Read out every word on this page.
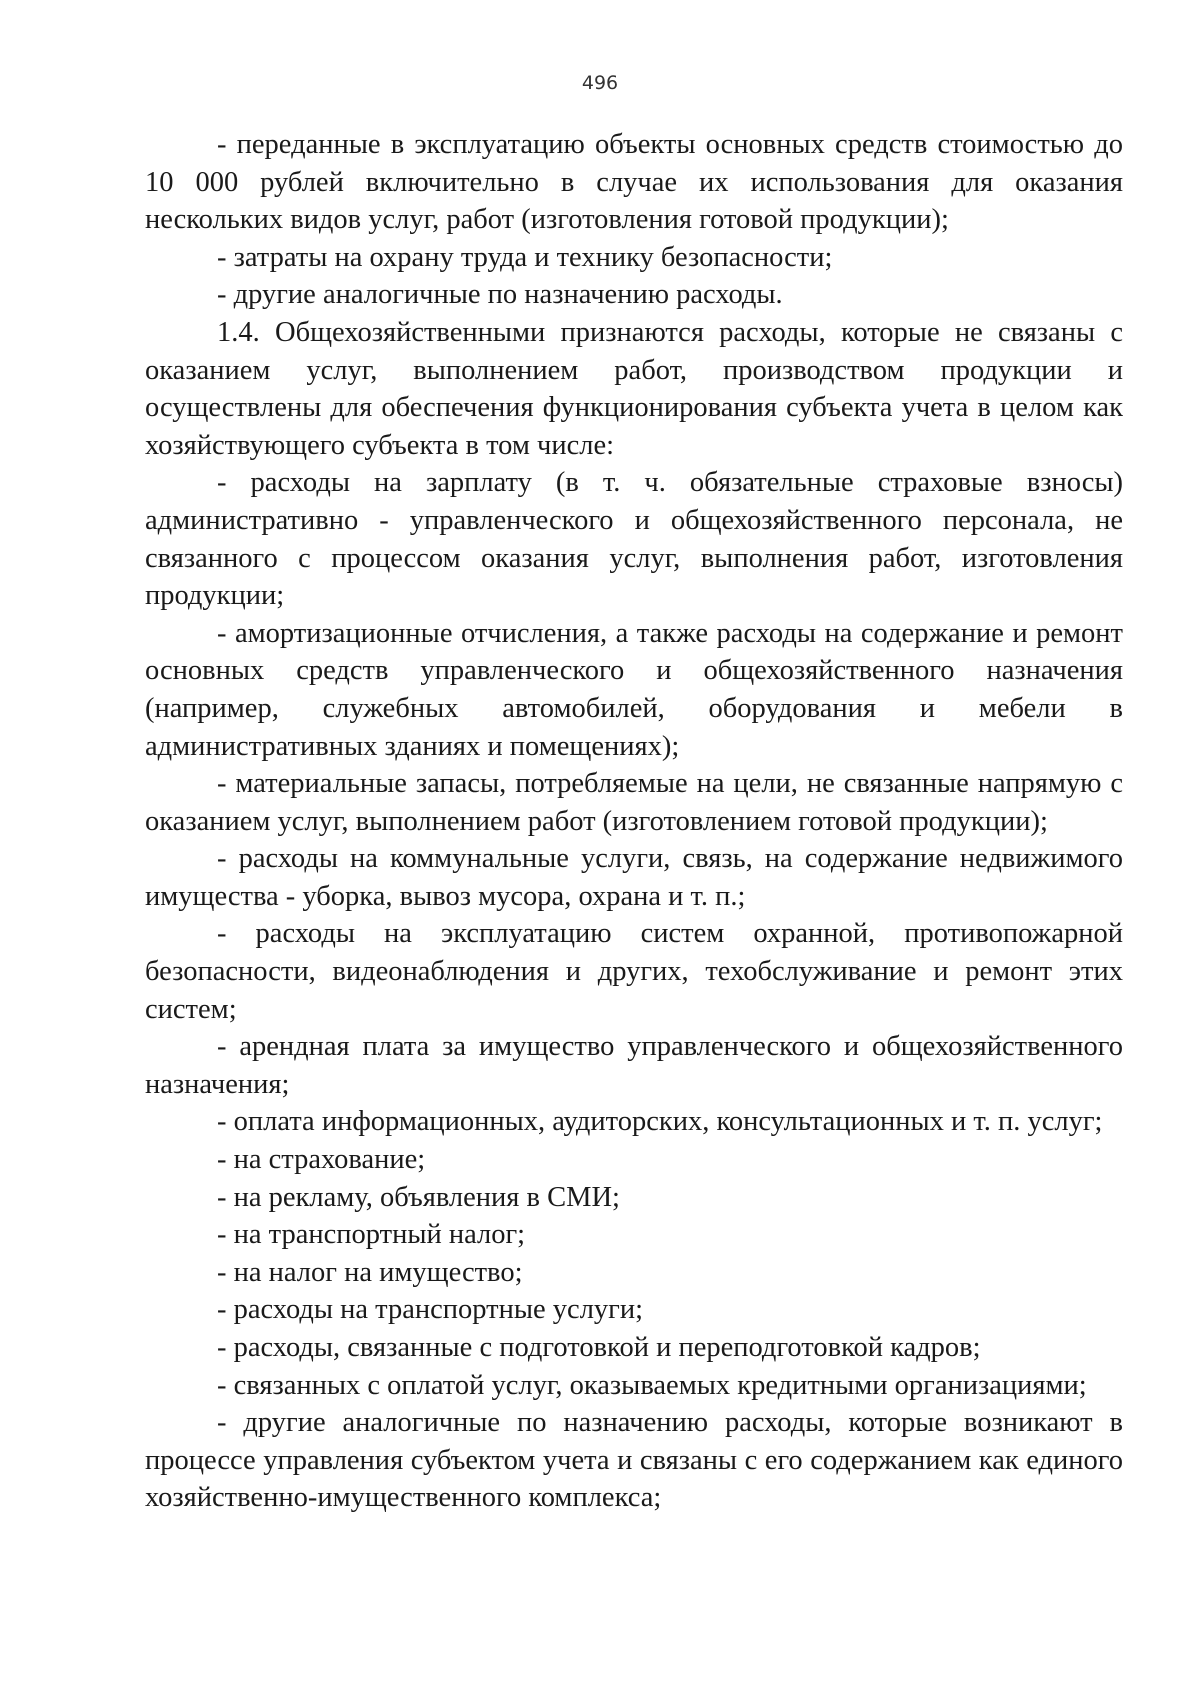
496

- переданные в эксплуатацию объекты основных средств стоимостью до 10 000 рублей включительно в случае их использования для оказания нескольких видов услуг, работ (изготовления готовой продукции);

- затраты на охрану труда и технику безопасности;

- другие аналогичные по назначению расходы.

1.4. Общехозяйственными признаются расходы, которые не связаны с оказанием услуг, выполнением работ, производством продукции и осуществлены для обеспечения функционирования субъекта учета в целом как хозяйствующего субъекта в том числе:

- расходы на зарплату (в т. ч. обязательные страховые взносы) административно - управленческого и общехозяйственного персонала, не связанного с процессом оказания услуг, выполнения работ, изготовления продукции;

- амортизационные отчисления, а также расходы на содержание и ремонт основных средств управленческого и общехозяйственного назначения (например, служебных автомобилей, оборудования и мебели в административных зданиях и помещениях);

- материальные запасы, потребляемые на цели, не связанные напрямую с оказанием услуг, выполнением работ (изготовлением готовой продукции);

- расходы на коммунальные услуги, связь, на содержание недвижимого имущества - уборка, вывоз мусора, охрана и т. п.;

- расходы на эксплуатацию систем охранной, противопожарной безопасности, видеонаблюдения и других, техобслуживание и ремонт этих систем;

- арендная плата за имущество управленческого и общехозяйственного назначения;

- оплата информационных, аудиторских, консультационных и т. п. услуг;

- на страхование;

- на рекламу, объявления в СМИ;

- на транспортный налог;

- на налог на имущество;

- расходы на транспортные услуги;

- расходы, связанные с подготовкой и переподготовкой кадров;

- связанных с оплатой услуг, оказываемых кредитными организациями;

- другие аналогичные по назначению расходы, которые возникают в процессе управления субъектом учета и связаны с его содержанием как единого хозяйственно-имущественного комплекса;
